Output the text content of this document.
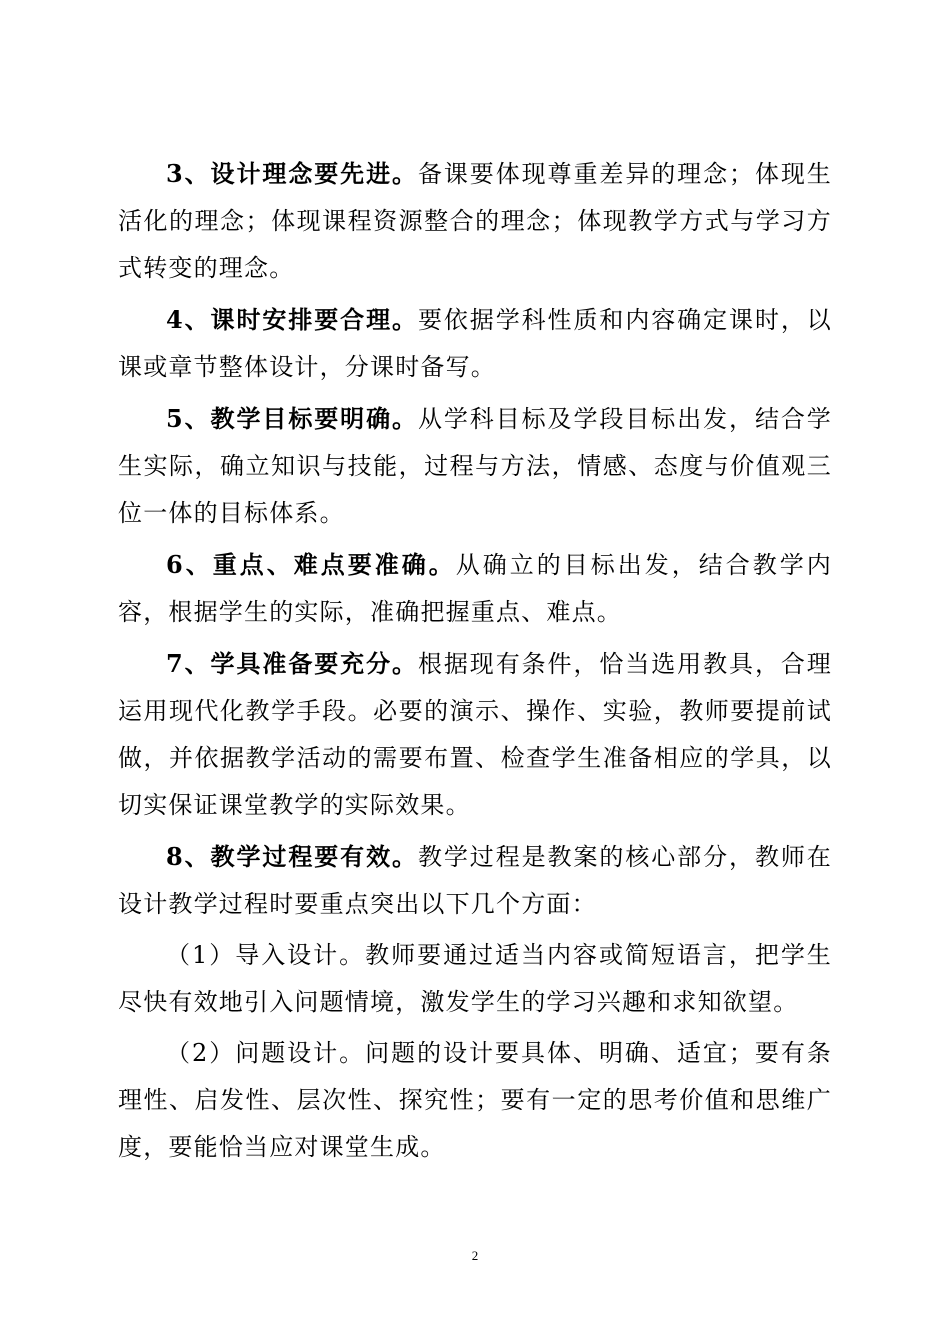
3、设计理念要先进。备课要体现尊重差异的理念；体现生活化的理念；体现课程资源整合的理念；体现教学方式与学习方式转变的理念。

4、课时安排要合理。要依据学科性质和内容确定课时，以课或章节整体设计，分课时备写。

5、教学目标要明确。从学科目标及学段目标出发，结合学生实际，确立知识与技能，过程与方法，情感、态度与价值观三位一体的目标体系。

6、重点、难点要准确。从确立的目标出发，结合教学内容，根据学生的实际，准确把握重点、难点。

7、学具准备要充分。根据现有条件，恰当选用教具，合理运用现代化教学手段。必要的演示、操作、实验，教师要提前试做，并依据教学活动的需要布置、检查学生准备相应的学具，以切实保证课堂教学的实际效果。

8、教学过程要有效。教学过程是教案的核心部分，教师在设计教学过程时要重点突出以下几个方面：

（1）导入设计。教师要通过适当内容或简短语言，把学生尽快有效地引入问题情境，激发学生的学习兴趣和求知欲望。

（2）问题设计。问题的设计要具体、明确、适宜；要有条理性、启发性、层次性、探究性；要有一定的思考价值和思维广度，要能恰当应对课堂生成。

2
